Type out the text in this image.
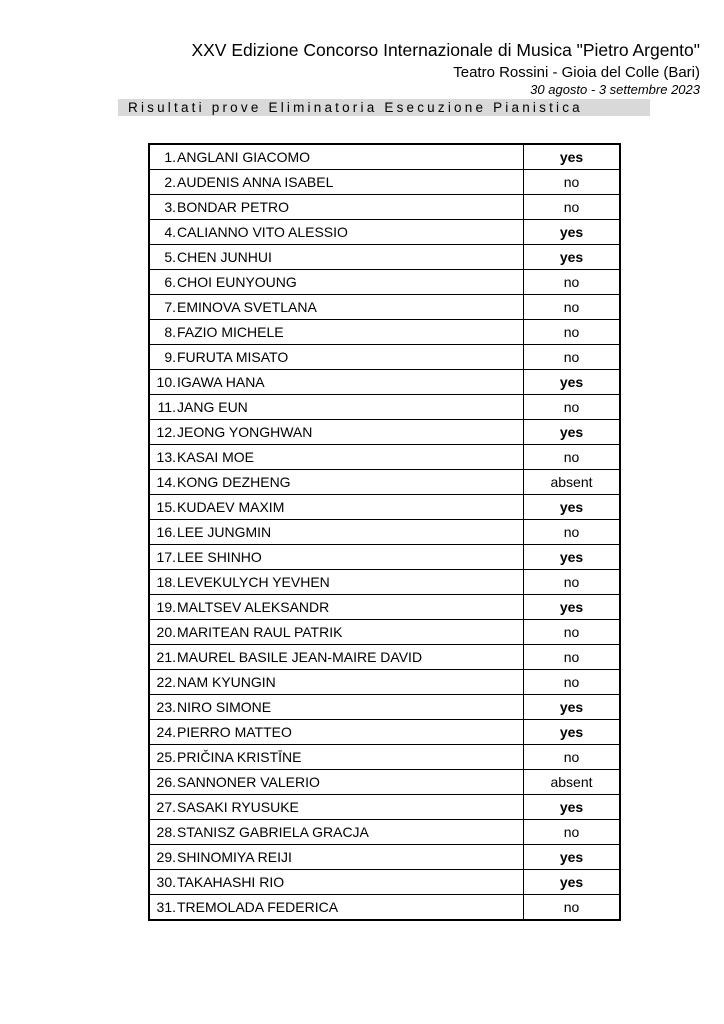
XXV Edizione Concorso Internazionale di Musica "Pietro Argento"
Teatro Rossini - Gioia del Colle (Bari)
30 agosto - 3 settembre 2023
Risultati prove Eliminatoria Esecuzione Pianistica
1.ANGLANI GIACOMO	yes
2.AUDENIS ANNA ISABEL	no
3.BONDAR PETRO	no
4.CALIANNO VITO ALESSIO	yes
5.CHEN JUNHUI	yes
6.CHOI EUNYOUNG	no
7.EMINOVA SVETLANA	no
8.FAZIO MICHELE	no
9.FURUTA MISATO	no
10.IGAWA HANA	yes
11.JANG EUN	no
12.JEONG YONGHWAN	yes
13.KASAI MOE	no
14.KONG DEZHENG	absent
15.KUDAEV MAXIM	yes
16.LEE JUNGMIN	no
17.LEE SHINHO	yes
18.LEVEKULYCH YEVHEN	no
19.MALTSEV ALEKSANDR	yes
20.MARITEAN RAUL PATRIK	no
21.MAUREL BASILE JEAN-MAIRE DAVID	no
22.NAM KYUNGIN	no
23.NIRO SIMONE	yes
24.PIERRO MATTEO	yes
25.PRIČINA KRISTĪNE	no
26.SANNONER VALERIO	absent
27.SASAKI RYUSUKE	yes
28.STANISZ GABRIELA GRACJA	no
29.SHINOMIYA REIJI	yes
30.TAKAHASHI RIO	yes
31.TREMOLADA FEDERICA	no
